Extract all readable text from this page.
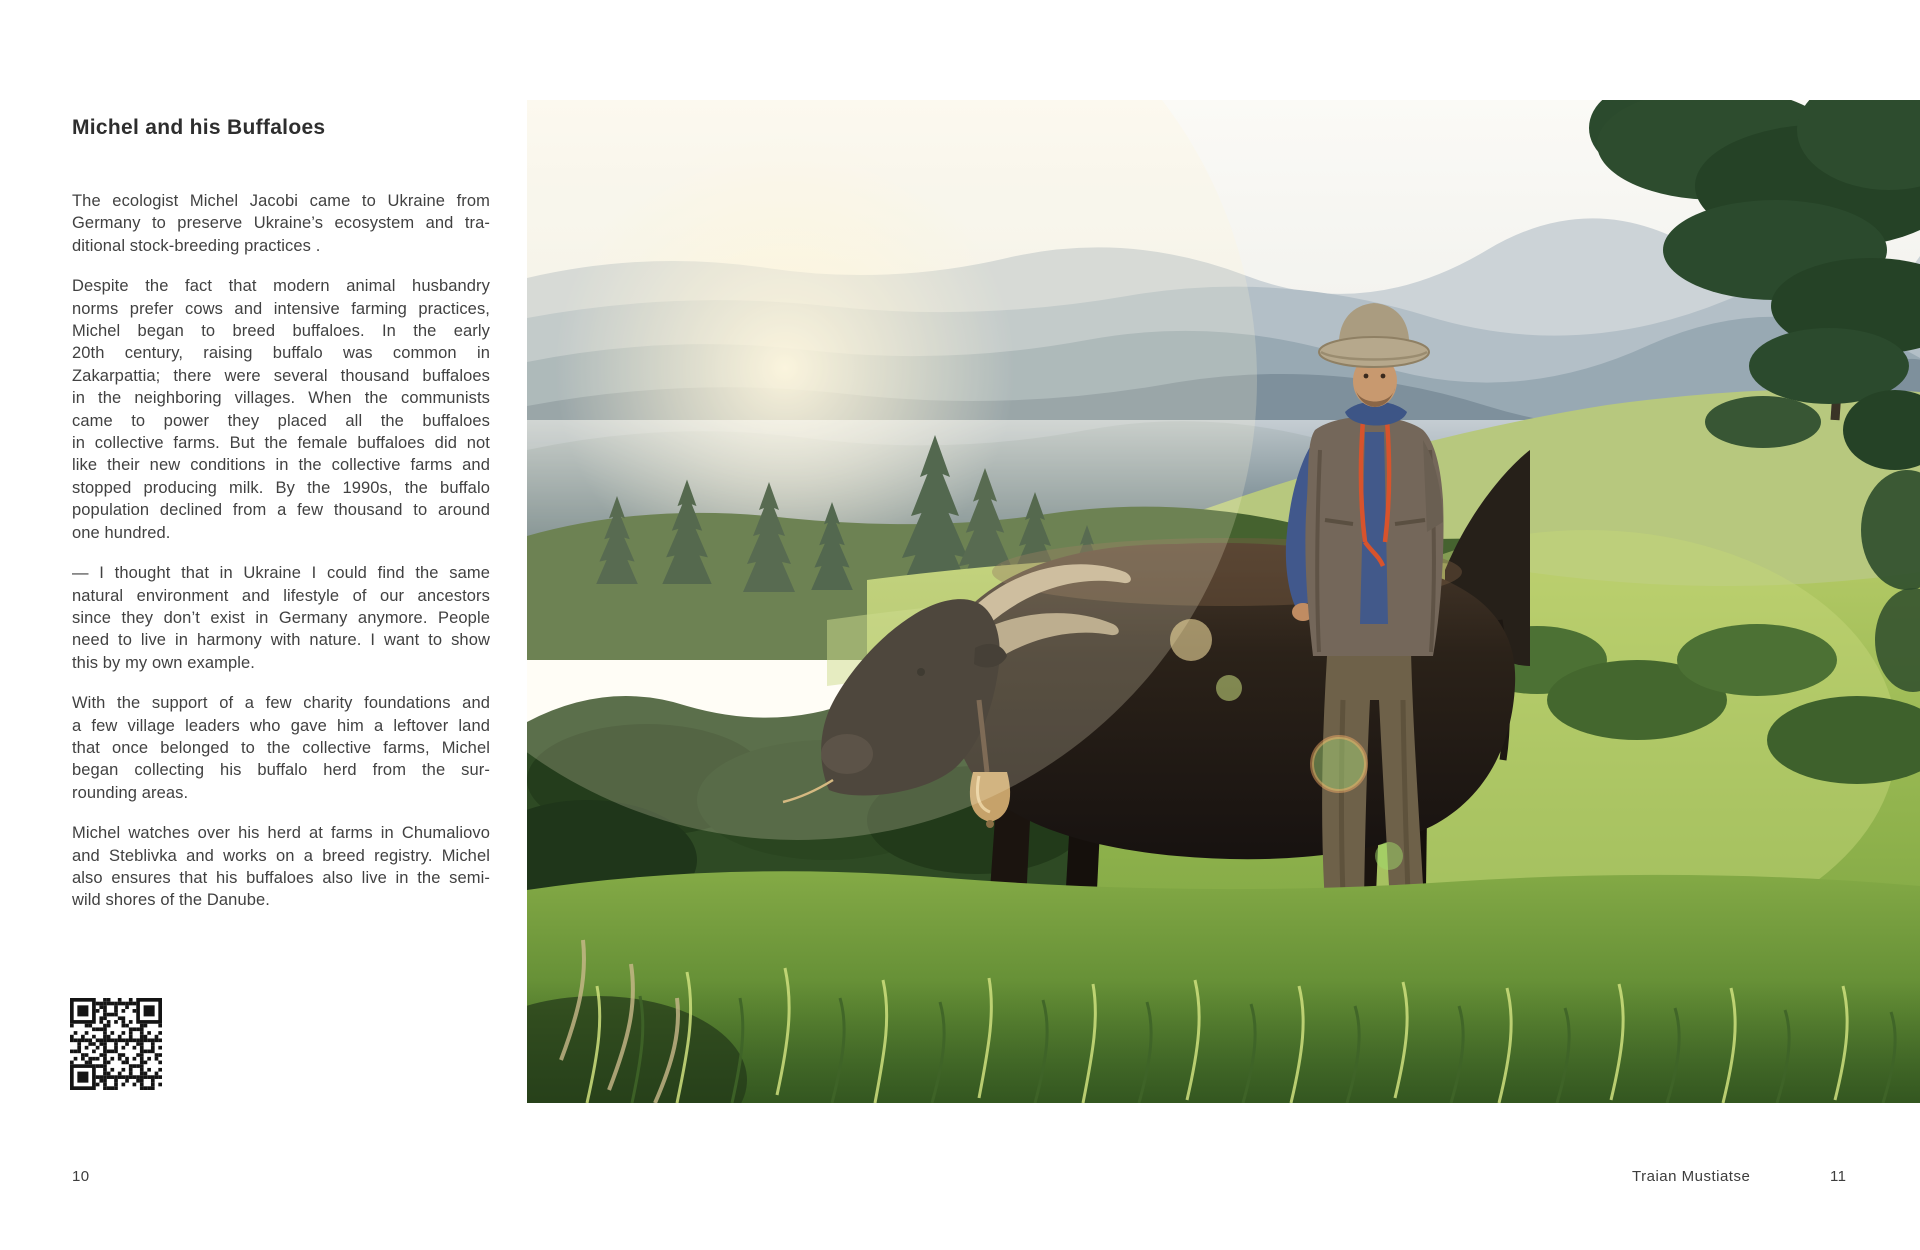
Michel and his Buffaloes
The ecologist Michel Jacobi came to Ukraine from
Germany to preserve Ukraine’s ecosystem and tra-
ditional stock-breeding practices .
Despite the fact that modern animal husbandry
norms prefer cows and intensive farming practices,
Michel began to breed buffaloes. In the early
20th century, raising buffalo was common in
Zakarpattia; there were several thousand buffaloes
in the neighboring villages. When the communists
came to power they placed all the buffaloes
in collective farms. But the female buffaloes did not
like their new conditions in the collective farms and
stopped producing milk. By the 1990s, the buffalo
population declined from a few thousand to around
one hundred.
— I thought that in Ukraine I could find the same
natural environment and lifestyle of our ancestors
since they don’t exist in Germany anymore. People
need to live in harmony with nature. I want to show
this by my own example.
With the support of a few charity foundations and
a few village leaders who gave him a leftover land
that once belonged to the collective farms, Michel
began collecting his buffalo herd from the sur-
rounding areas.
Michel watches over his herd at farms in Chumaliovo
and Steblivka and works on a breed registry. Michel
also ensures that his buffaloes also live in the semi-
wild shores of the Danube.
10	Traian Mustiatse	11
